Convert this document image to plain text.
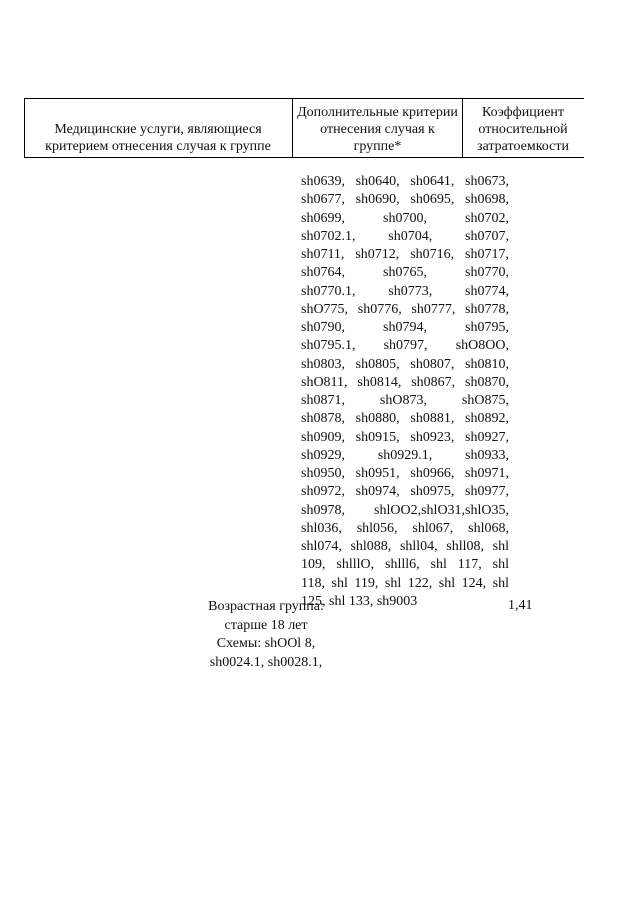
Медицинские услуги, являющиеся критерием отнесения случая к группе
Дополнительные критерии отнесения случая к группе*
Коэффициент относительной затратоемкости
sh0639, sh0640, sh0641, sh0673,
sh0677, sh0690, sh0695, sh0698,
sh0699, sh0700, sh0702,
sh0702.1, sh0704, sh0707,
sh0711, sh0712, sh0716, sh0717,
sh0764, sh0765, sh0770,
sh0770.1, sh0773, sh0774,
shO775, sh0776, sh0777, sh0778,
sh0790, sh0794, sh0795,
sh0795.1, sh0797, shO8OO,
sh0803, sh0805, sh0807, sh0810,
shO811, sh0814, sh0867, sh0870,
sh0871, shO873, shO875,
sh0878, sh0880, sh0881, sh0892,
sh0909, sh0915, sh0923, sh0927,
sh0929, sh0929.1, sh0933,
sh0950, sh0951, sh0966, sh0971,
sh0972, sh0974, sh0975, sh0977,
sh0978, shlOO2,shlO31,shlO35,
shl036, shl056, shl067, shl068,
shl074, shl088, shll04, shll08, shl
109, shlllO, shlll6, shl 117, shl
118, shl 119, shl 122, shl 124, shl
125, shl 133, sh9003
Возрастная группа:
старше 18 лет
Схемы: shOOl 8,
sh0024.1, sh0028.1,
1,41
